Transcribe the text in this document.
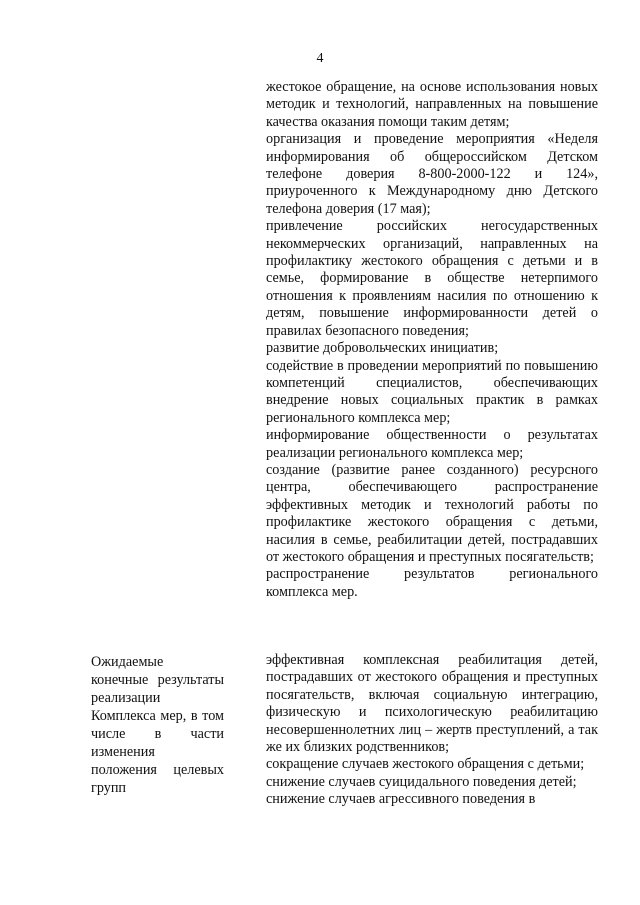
4

жестокое обращение, на основе использования новых методик и технологий, направленных на повышение качества оказания помощи таким детям;

организация и проведение мероприятия «Неделя информирования об общероссийском Детском телефоне доверия 8-800-2000-122 и 124», приуроченного к Международному дню Детского телефона доверия (17 мая);

привлечение российских негосударственных некоммерческих организаций, направленных на профилактику жестокого обращения с детьми и в семье, формирование в обществе нетерпимого отношения к проявлениям насилия по отношению к детям, повышение информированности детей о правилах безопасного поведения;

развитие добровольческих инициатив;

содействие в проведении мероприятий по повышению компетенций специалистов, обеспечивающих внедрение новых социальных практик в рамках регионального комплекса мер;

информирование общественности о результатах реализации регионального комплекса мер;

создание (развитие ранее созданного) ресурсного центра, обеспечивающего распространение эффективных методик и технологий работы по профилактике жестокого обращения с детьми, насилия в семье, реабилитации детей, пострадавших от жестокого обращения и преступных посягательств;

распространение результатов регионального комплекса мер.

Ожидаемые конечные результаты реализации Комплекса мер, в том числе в части изменения положения целевых групп

эффективная комплексная реабилитация детей, пострадавших от жестокого обращения и преступных посягательств, включая социальную интеграцию, физическую и психологическую реабилитацию несовершеннолетних лиц – жертв преступлений, а так же их близких родственников;

сокращение случаев жестокого обращения с детьми;

снижение случаев суицидального поведения детей;

снижение случаев агрессивного поведения в
